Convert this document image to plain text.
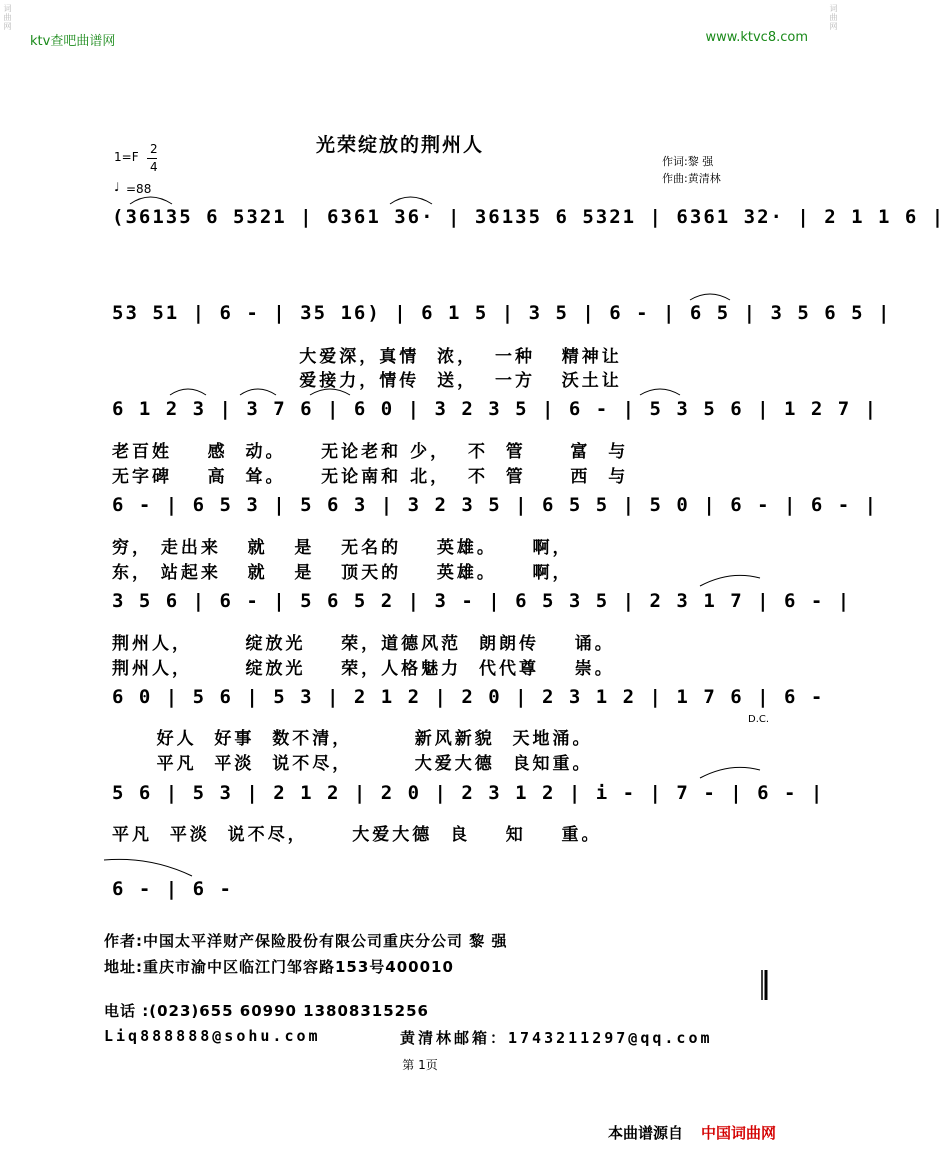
词曲网	词曲网
ktv查吧曲谱网	www.ktvc8.com
光荣绽放的荆州人
1=F
2
4
♩ =88
作词:黎 强
作曲:黄清林
(36135 6 5321 | 6361 36· | 36135 6 5321 | 6361 32· | 2 1 1 6 |
53 51 | 6 - | 35 16) | 6 1 5 | 3 5 | 6 - | 6 5 | 3 5 6 5 |
大爱深，真情  浓，  一种   精神让
爱接力，情传  送，  一方   沃土让
6 1 2 3 | 3 7 6 | 6 0 | 3 2 3 5 | 6 - | 5 3 5 6 | 1 2 7 |
老百姓    感  动。    无论老和 少，  不  管     富  与
无字碑    高  耸。    无论南和 北，  不  管     西  与
6 - | 6 5 3 | 5 6 3 | 3 2 3 5 | 6 5 5 | 5 0 | 6 - | 6 - |
穷， 走出来   就   是   无名的    英雄。    啊，
东， 站起来   就   是   顶天的    英雄。    啊，
3 5 6 | 6 - | 5 6 5 2 | 3 - | 6 5 3 5 | 2 3 1 7 | 6 - |
荆州人，      绽放光    荣，道德风范  朗朗传    诵。
荆州人，      绽放光    荣，人格魅力  代代尊    崇。
6 0 | 5 6 | 5 3 | 2 1 2 | 2 0 | 2 3 1 2 | 1 7 6 | 6 -
D.C.
好人  好事  数不清，       新风新貌  天地涌。
平凡  平淡  说不尽，       大爱大德  良知重。
5 6 | 5 3 | 2 1 2 | 2 0 | 2 3 1 2 | i - | 7 - | 6 - |
平凡  平淡  说不尽，     大爱大德  良    知    重。
6 - | 6 -
作者:中国太平洋财产保险股份有限公司重庆分公司 黎 强
地址:重庆市渝中区临江门邹容路153号400010
电话 :(023)655 60990 13808315256
Liq888888@sohu.com	黄清林邮箱：1743211297@qq.com
第 1页
本曲谱源自 中国词曲网
